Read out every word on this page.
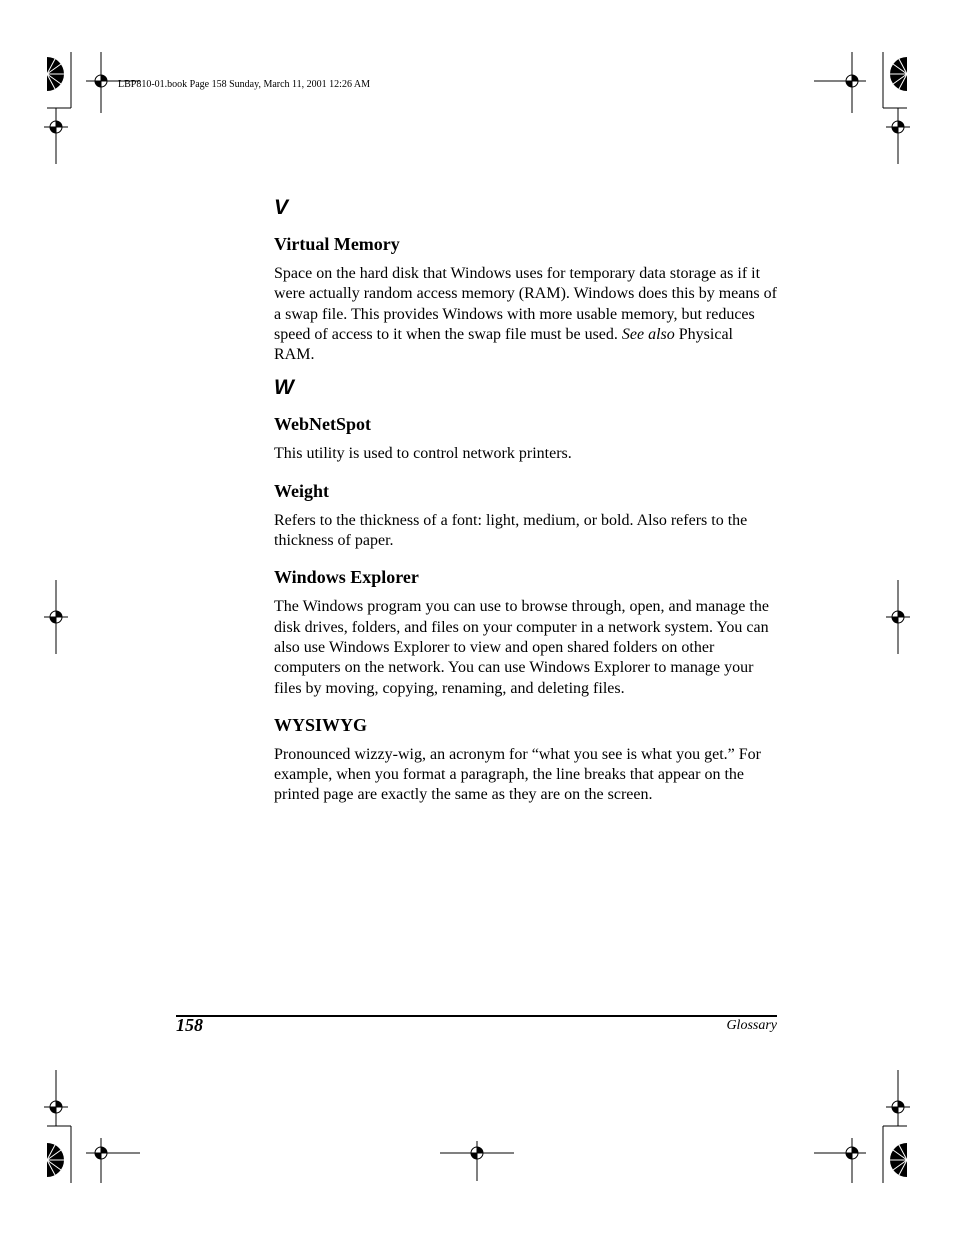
LBP810-01.book Page 158 Sunday, March 11, 2001 12:26 AM
V
Virtual Memory

Space on the hard disk that Windows uses for temporary data storage as if it were actually random access memory (RAM). Windows does this by means of a swap file. This provides Windows with more usable memory, but reduces speed of access to it when the swap file must be used. See also Physical RAM.

W
WebNetSpot

This utility is used to control network printers.

Weight

Refers to the thickness of a font: light, medium, or bold. Also refers to the thickness of paper.

Windows Explorer

The Windows program you can use to browse through, open, and manage the disk drives, folders, and files on your computer in a network system. You can also use Windows Explorer to view and open shared folders on other computers on the network. You can use Windows Explorer to manage your files by moving, copying, renaming, and deleting files.

WYSIWYG

Pronounced wizzy-wig, an acronym for “what you see is what you get.” For example, when you format a paragraph, the line breaks that appear on the printed page are exactly the same as they are on the screen.

158	Glossary
